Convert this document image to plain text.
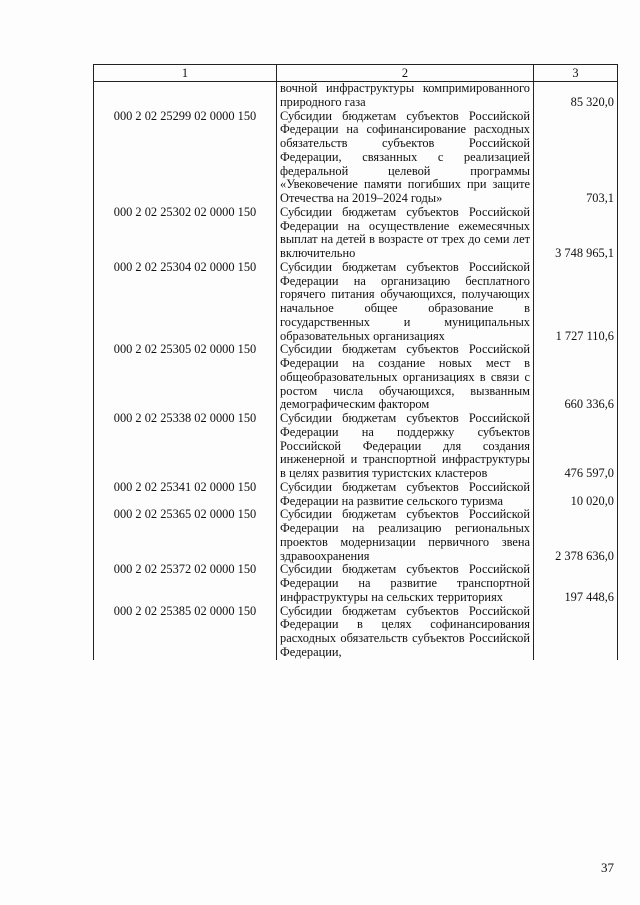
1	2	3
	вочной инфраструктуры компримированного природного газа	85 320,0
000 2 02 25299 02 0000 150	Субсидии бюджетам субъектов Российской Федерации на софинансирование расходных обязательств субъектов Российской Федерации, связанных с реализацией федеральной целевой программы «Увековечение памяти погибших при защите Отечества на 2019–2024 годы»	703,1
000 2 02 25302 02 0000 150	Субсидии бюджетам субъектов Российской Федерации на осуществление ежемесячных выплат на детей в возрасте от трех до семи лет включительно	3 748 965,1
000 2 02 25304 02 0000 150	Субсидии бюджетам субъектов Российской Федерации на организацию бесплатного горячего питания обучающихся, получающих начальное общее образование в государственных и муниципальных образовательных организациях	1 727 110,6
000 2 02 25305 02 0000 150	Субсидии бюджетам субъектов Российской Федерации на создание новых мест в общеобразовательных организациях в связи с ростом числа обучающихся, вызванным демографическим фактором	660 336,6
000 2 02 25338 02 0000 150	Субсидии бюджетам субъектов Российской Федерации на поддержку субъектов Российской Федерации для создания инженерной и транспортной инфраструктуры в целях развития туристских кластеров	476 597,0
000 2 02 25341 02 0000 150	Субсидии бюджетам субъектов Российской Федерации на развитие сельского туризма	10 020,0
000 2 02 25365 02 0000 150	Субсидии бюджетам субъектов Российской Федерации на реализацию региональных проектов модернизации первичного звена здравоохранения	2 378 636,0
000 2 02 25372 02 0000 150	Субсидии бюджетам субъектов Российской Федерации на развитие транспортной инфраструктуры на сельских территориях	197 448,6
000 2 02 25385 02 0000 150	Субсидии бюджетам субъектов Российской Федерации в целях софинансирования расходных обязательств субъектов Российской Федерации,	
37
